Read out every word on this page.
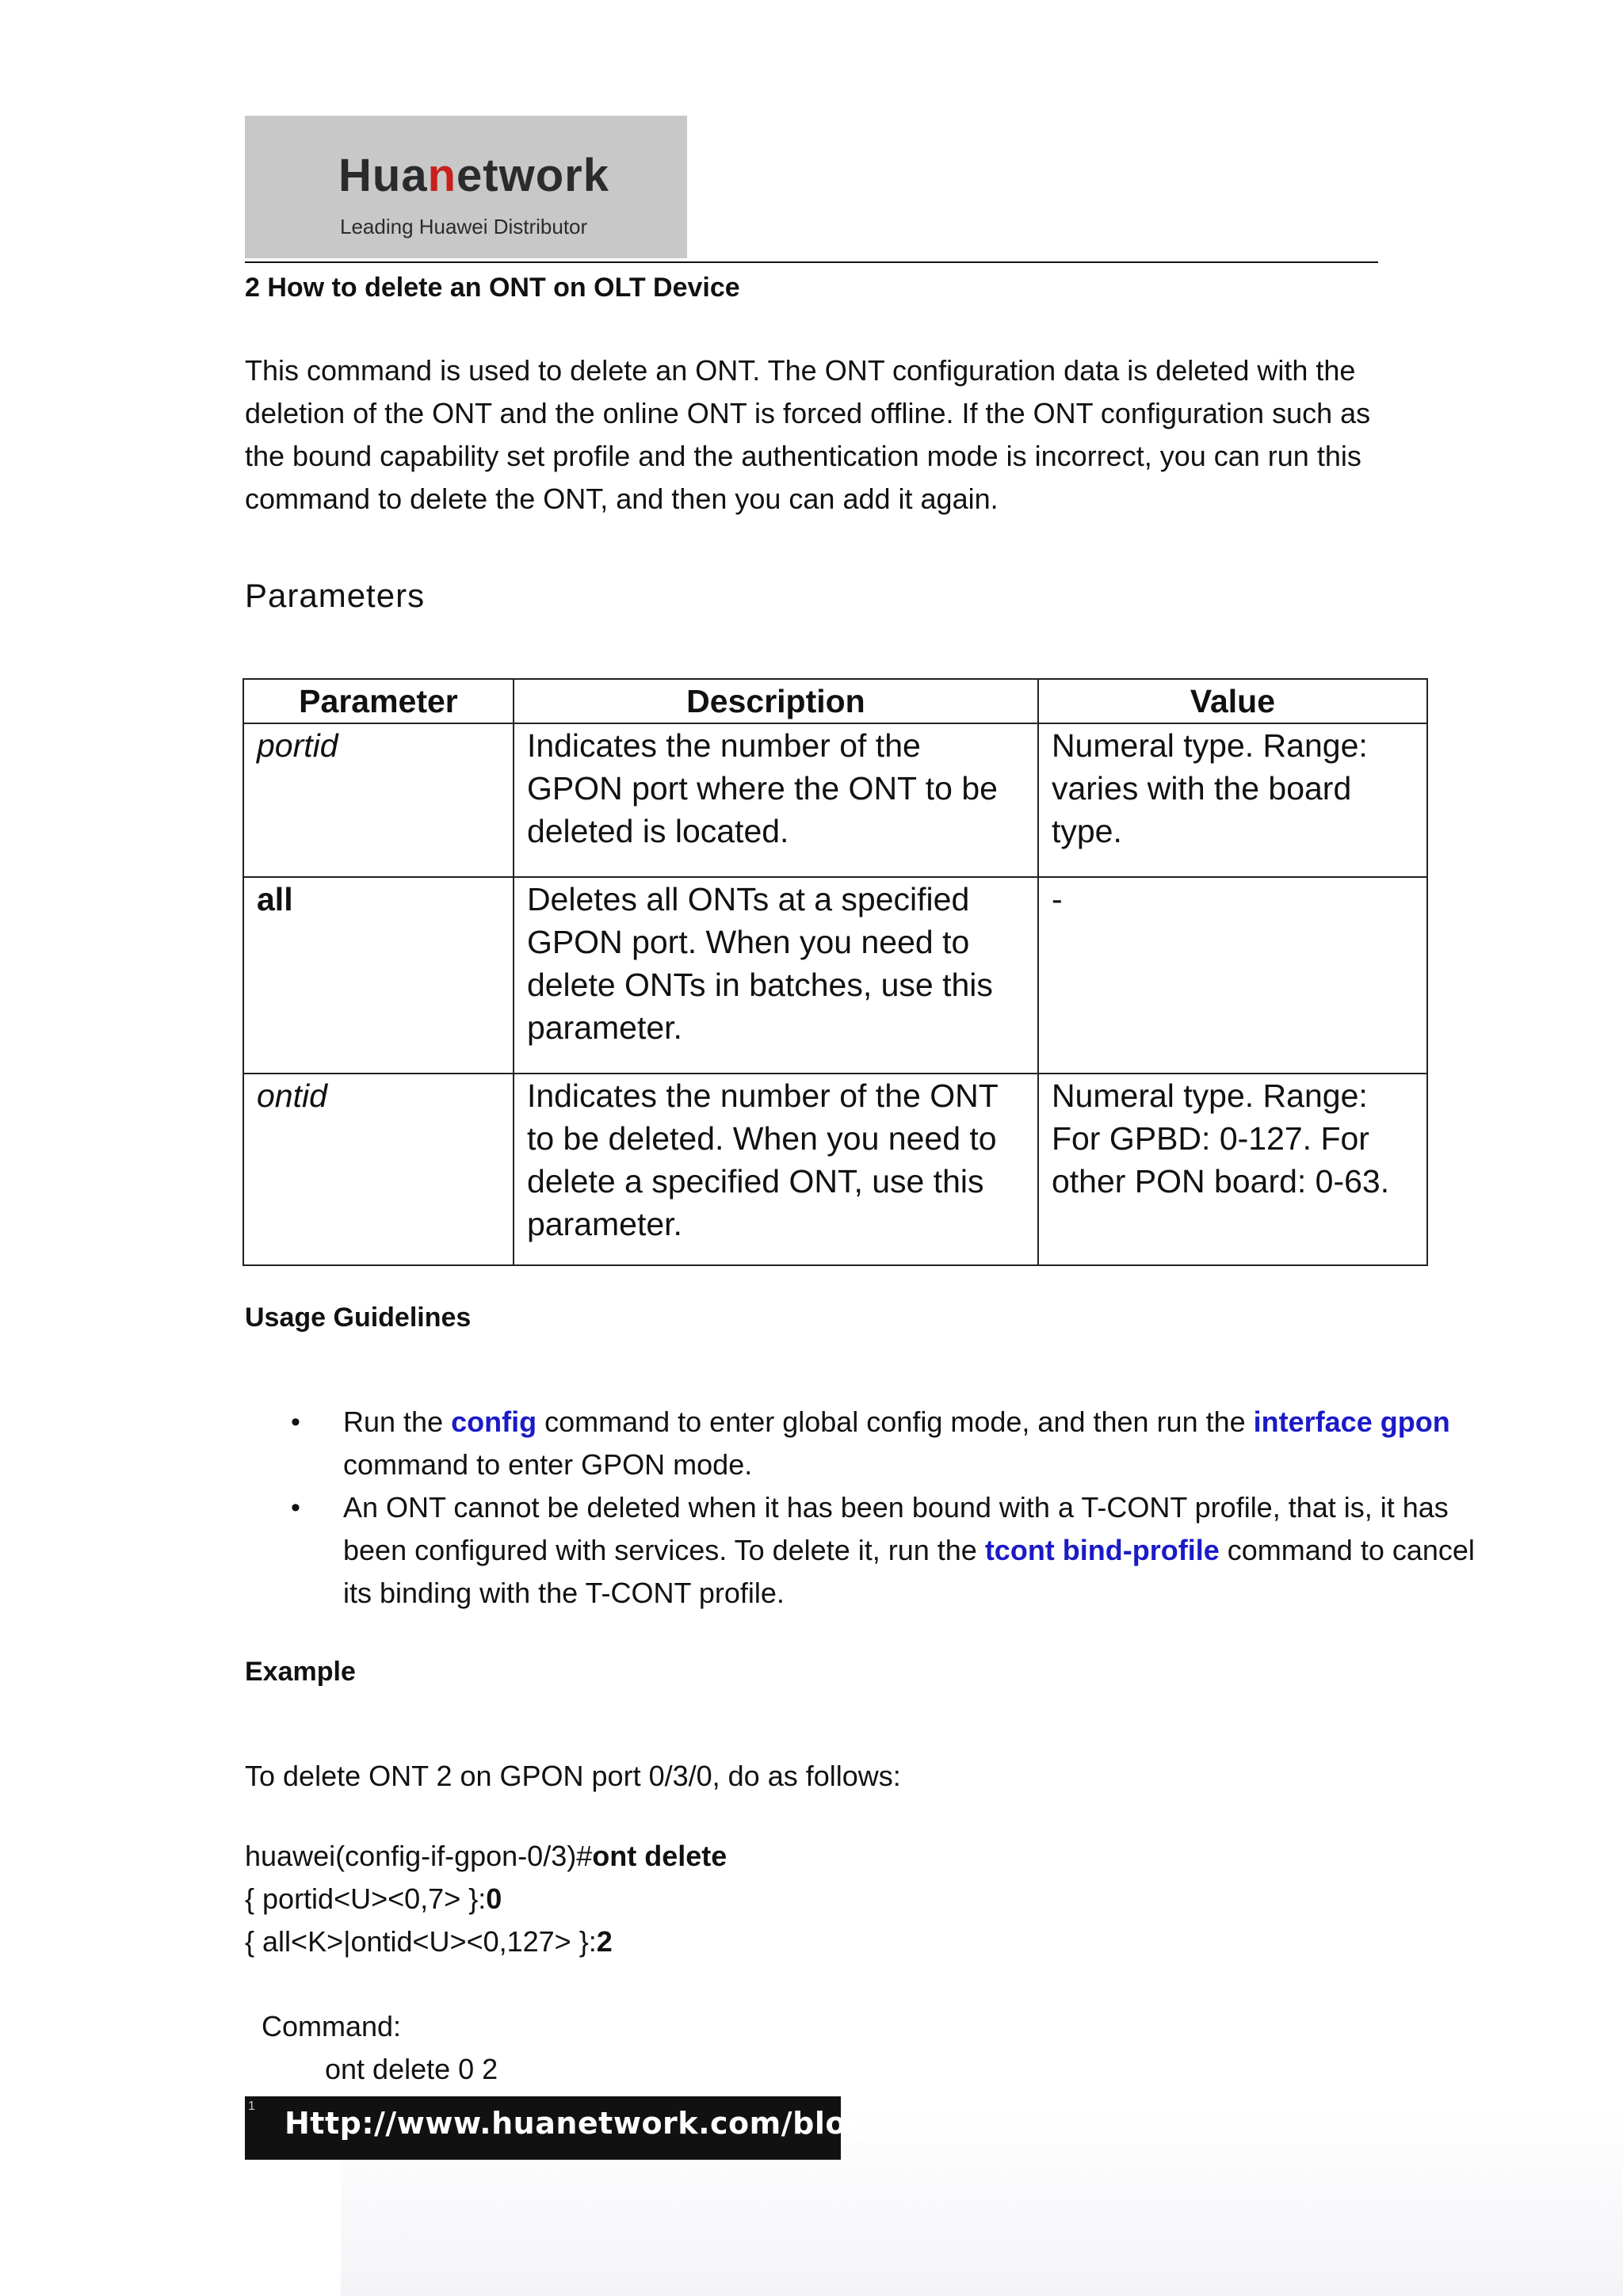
Huanetwork
Leading Huawei Distributor
2 How to delete an ONT on OLT Device
This command is used to delete an ONT. The ONT configuration data is deleted with the deletion of the ONT and the online ONT is forced offline. If the ONT configuration such as the bound capability set profile and the authentication mode is incorrect, you can run this command to delete the ONT, and then you can add it again.
Parameters
Parameter	Description	Value
portid	Indicates the number of the GPON port where the ONT to be deleted is located.	Numeral type. Range: varies with the board type.
all	Deletes all ONTs at a specified GPON port. When you need to delete ONTs in batches, use this parameter.	-
ontid	Indicates the number of the ONT to be deleted. When you need to delete a specified ONT, use this parameter.	Numeral type. Range: For GPBD: 0-127. For other PON board: 0-63.
Usage Guidelines
• Run the config command to enter global config mode, and then run the interface gpon command to enter GPON mode.
• An ONT cannot be deleted when it has been bound with a T-CONT profile, that is, it has been configured with services. To delete it, run the tcont bind-profile command to cancel its binding with the T-CONT profile.
Example
To delete ONT 2 on GPON port 0/3/0, do as follows:
huawei(config-if-gpon-0/3)#ont delete
{ portid<U><0,7> }:0
{ all<K>|ontid<U><0,127> }:2
Command:
ont delete 0 2
1 Http://www.huanetwork.com/blog
